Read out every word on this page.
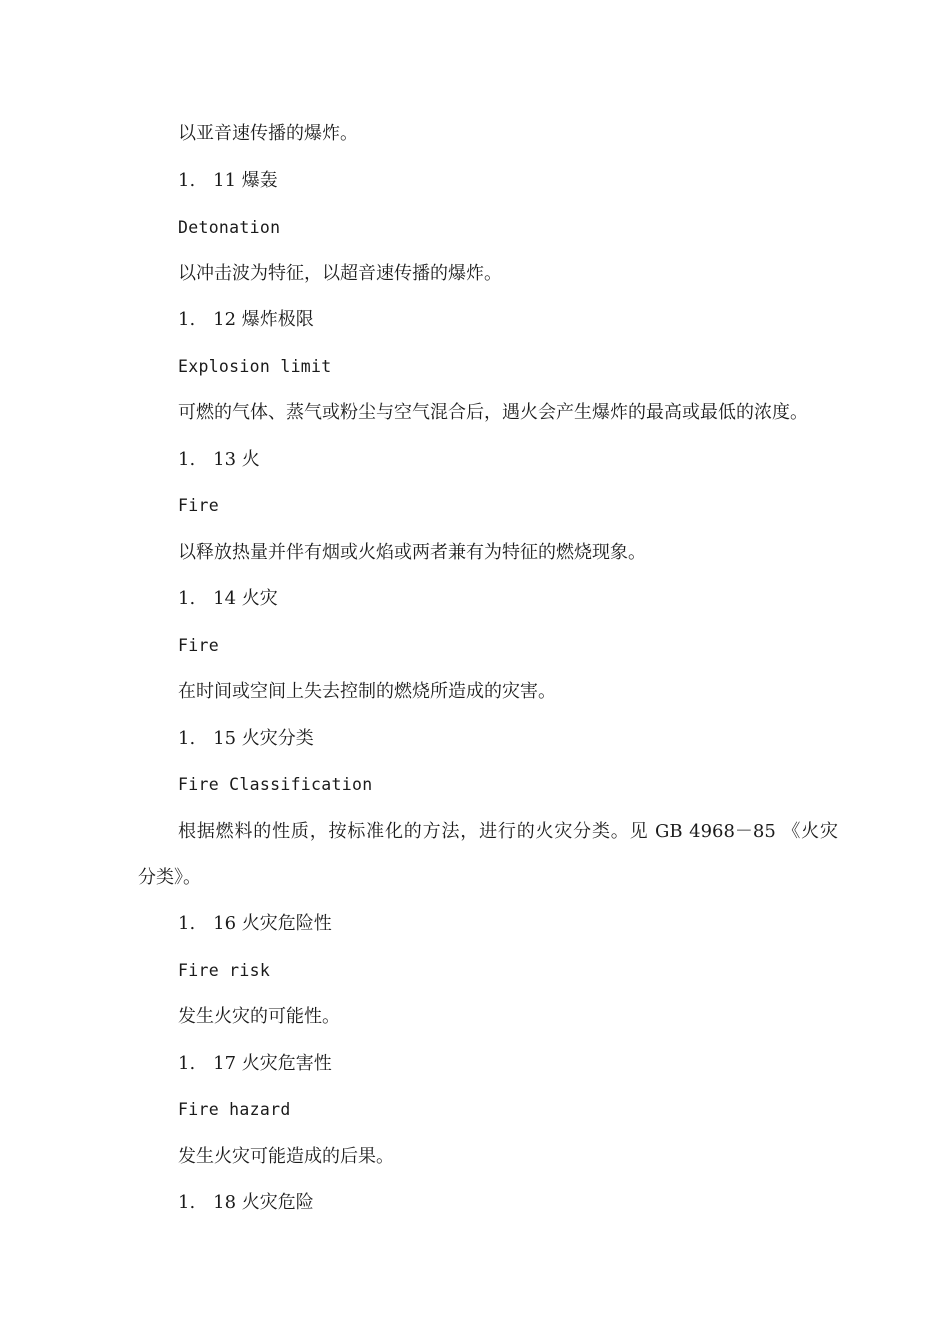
以亚音速传播的爆炸。
1.　11 爆轰
Detonation
以冲击波为特征，以超音速传播的爆炸。
1.　12 爆炸极限
Explosion limit
可燃的气体、蒸气或粉尘与空气混合后，遇火会产生爆炸的最高或最低的浓度。
1.　13 火
Fire
以释放热量并伴有烟或火焰或两者兼有为特征的燃烧现象。
1.　14 火灾
Fire
在时间或空间上失去控制的燃烧所造成的灾害。
1.　15 火灾分类
Fire Classification
根据燃料的性质，按标准化的方法，进行的火灾分类。见 GB 4968－85 《火灾
分类》。
1.　16 火灾危险性
Fire risk
发生火灾的可能性。
1.　17 火灾危害性
Fire hazard
发生火灾可能造成的后果。
1.　18 火灾危险
